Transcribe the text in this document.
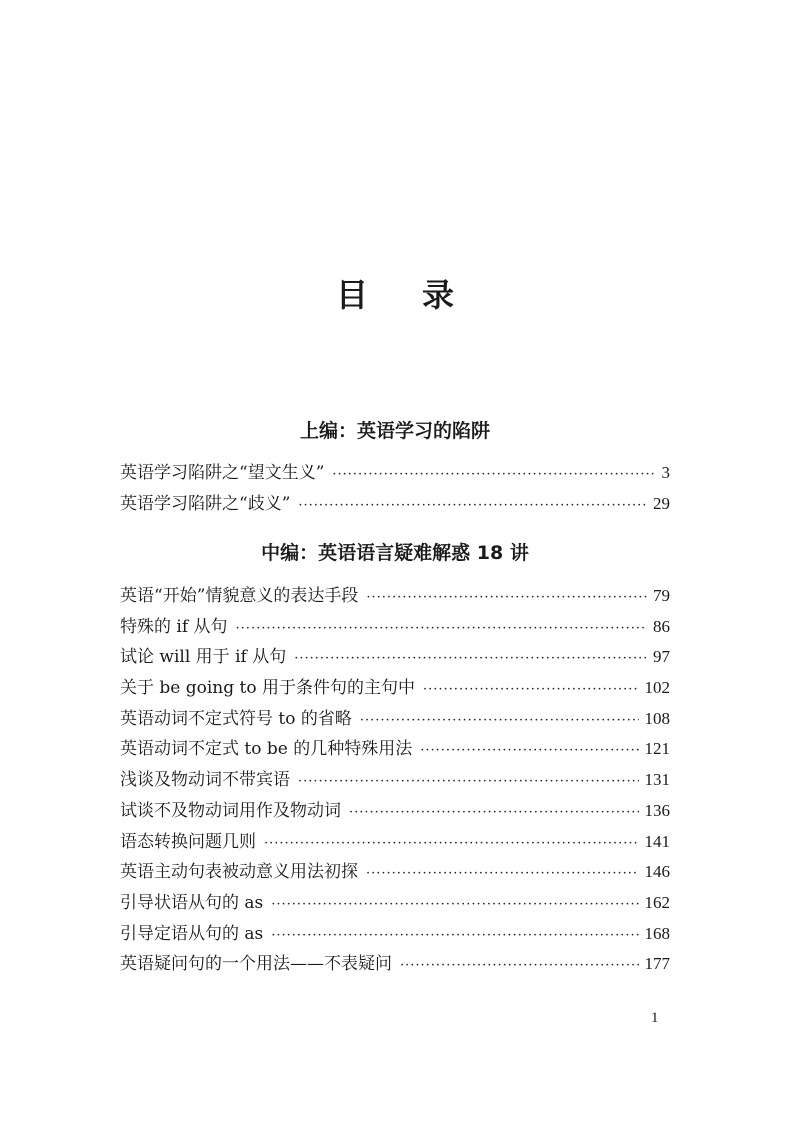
目 录
上编：英语学习的陷阱
英语学习陷阱之“望文生义” ·····	3
英语学习陷阱之“歧义” ·····	29
中编：英语语言疑难解惑 18 讲
英语“开始”情貌意义的表达手段 ·····	79
特殊的 if 从句 ·····	86
试论 will 用于 if 从句 ·····	97
关于 be going to 用于条件句的主句中 ·····	102
英语动词不定式符号 to 的省略 ·····	108
英语动词不定式 to be 的几种特殊用法 ·····	121
浅谈及物动词不带宾语 ·····	131
试谈不及物动词用作及物动词 ·····	136
语态转换问题几则 ·····	141
英语主动句表被动意义用法初探 ·····	146
引导状语从句的 as ·····	162
引导定语从句的 as ·····	168
英语疑问句的一个用法——不表疑问 ·····	177
1
